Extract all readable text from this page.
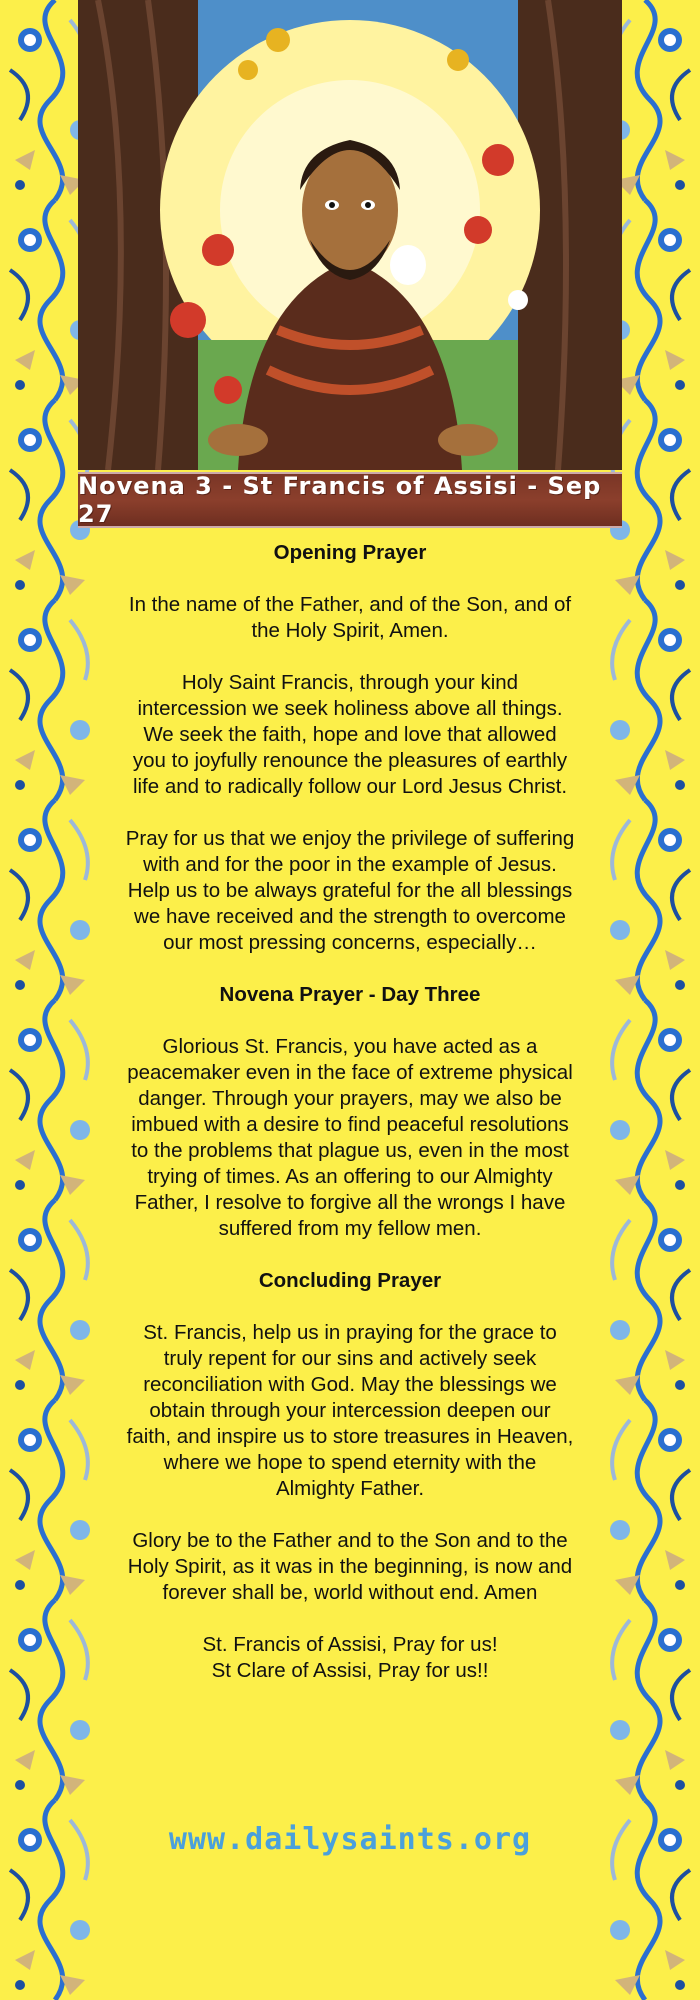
Novena 3 - St Francis of Assisi - Sep 27
Opening Prayer

In the name of the Father, and of the Son, and of the Holy Spirit, Amen.

Holy Saint Francis, through your kind intercession we seek holiness above all things. We seek the faith, hope and love that allowed you to joyfully renounce the pleasures of earthly life and to radically follow our Lord Jesus Christ.

Pray for us that we enjoy the privilege of suffering with and for the poor in the example of Jesus. Help us to be always grateful for the all blessings we have received and the strength to overcome our most pressing concerns, especially…

Novena Prayer - Day Three

Glorious St. Francis, you have acted as a peacemaker even in the face of extreme physical danger. Through your prayers, may we also be imbued with a desire to find peaceful resolutions to the problems that plague us, even in the most trying of times. As an offering to our Almighty Father, I resolve to forgive all the wrongs I have suffered from my fellow men.

Concluding Prayer

St. Francis, help us in praying for the grace to truly repent for our sins and actively seek reconciliation with God. May the blessings we obtain through your intercession deepen our faith, and inspire us to store treasures in Heaven, where we hope to spend eternity with the Almighty Father.

Glory be to the Father and to the Son and to the Holy Spirit, as it was in the beginning, is now and forever shall be, world without end. Amen

St. Francis of Assisi, Pray for us!

St Clare of Assisi, Pray for us!!

www.dailysaints.org
